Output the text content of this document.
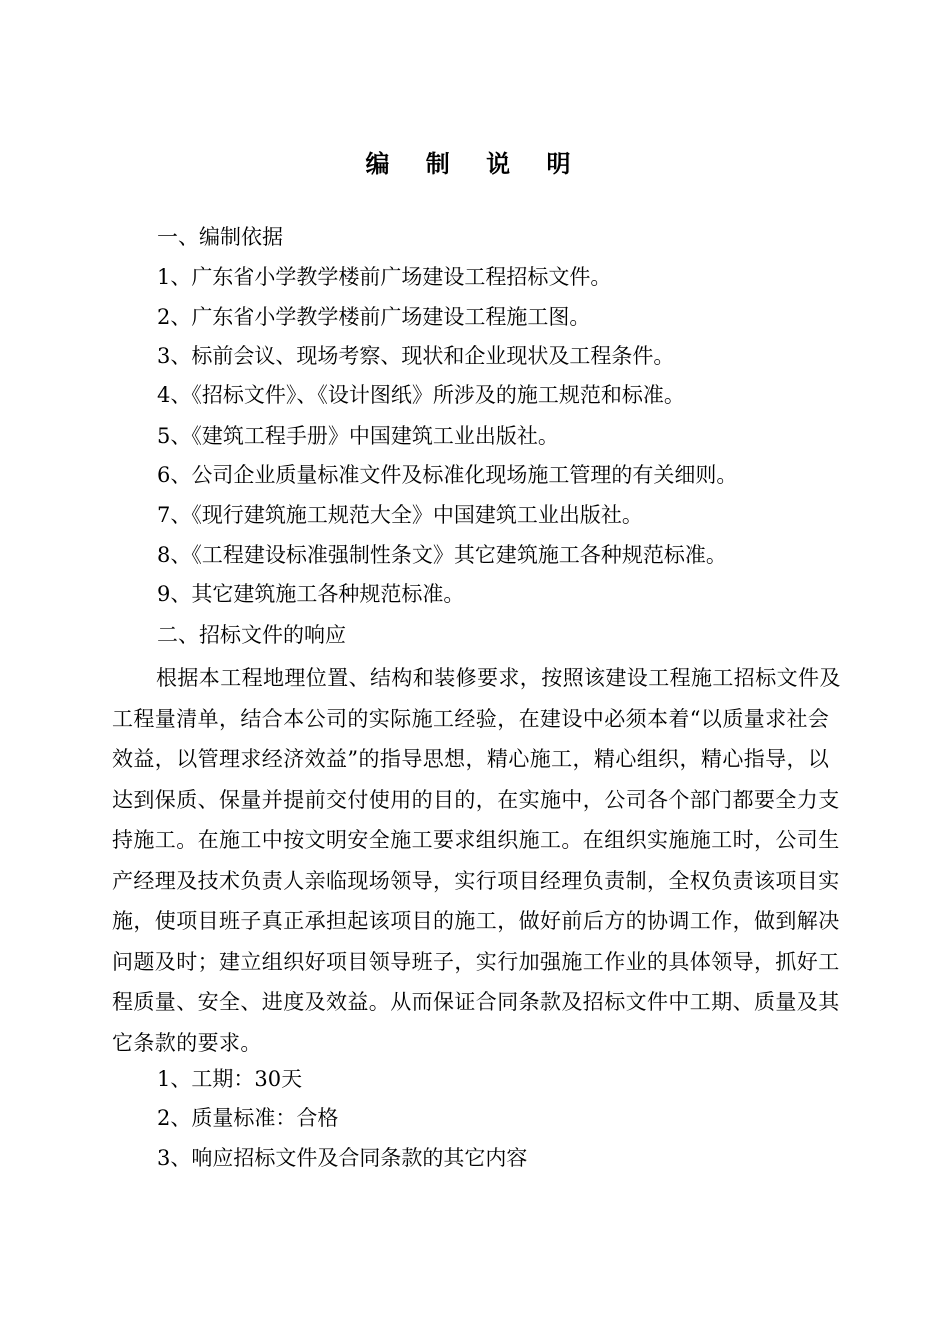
编 制 说 明
一、编制依据
1、广东省小学教学楼前广场建设工程招标文件。
2、广东省小学教学楼前广场建设工程施工图。
3、标前会议、现场考察、现状和企业现状及工程条件。
4、《招标文件》、《设计图纸》所涉及的施工规范和标准。
5、《建筑工程手册》中国建筑工业出版社。
6、公司企业质量标准文件及标准化现场施工管理的有关细则。
7、《现行建筑施工规范大全》中国建筑工业出版社。
8、《工程建设标准强制性条文》其它建筑施工各种规范标准。
9、其它建筑施工各种规范标准。
二、招标文件的响应

根据本工程地理位置、结构和装修要求，按照该建设工程施工招标文件及工程量清单，结合本公司的实际施工经验，在建设中必须本着“以质量求社会效益，以管理求经济效益”的指导思想，精心施工，精心组织，精心指导，以达到保质、保量并提前交付使用的目的，在实施中，公司各个部门都要全力支持施工。在施工中按文明安全施工要求组织施工。在组织实施施工时，公司生产经理及技术负责人亲临现场领导，实行项目经理负责制，全权负责该项目实施，使项目班子真正承担起该项目的施工，做好前后方的协调工作，做到解决问题及时；建立组织好项目领导班子，实行加强施工作业的具体领导，抓好工程质量、安全、进度及效益。从而保证合同条款及招标文件中工期、质量及其它条款的要求。

1、工期：30天
2、质量标准：合格
3、响应招标文件及合同条款的其它内容
